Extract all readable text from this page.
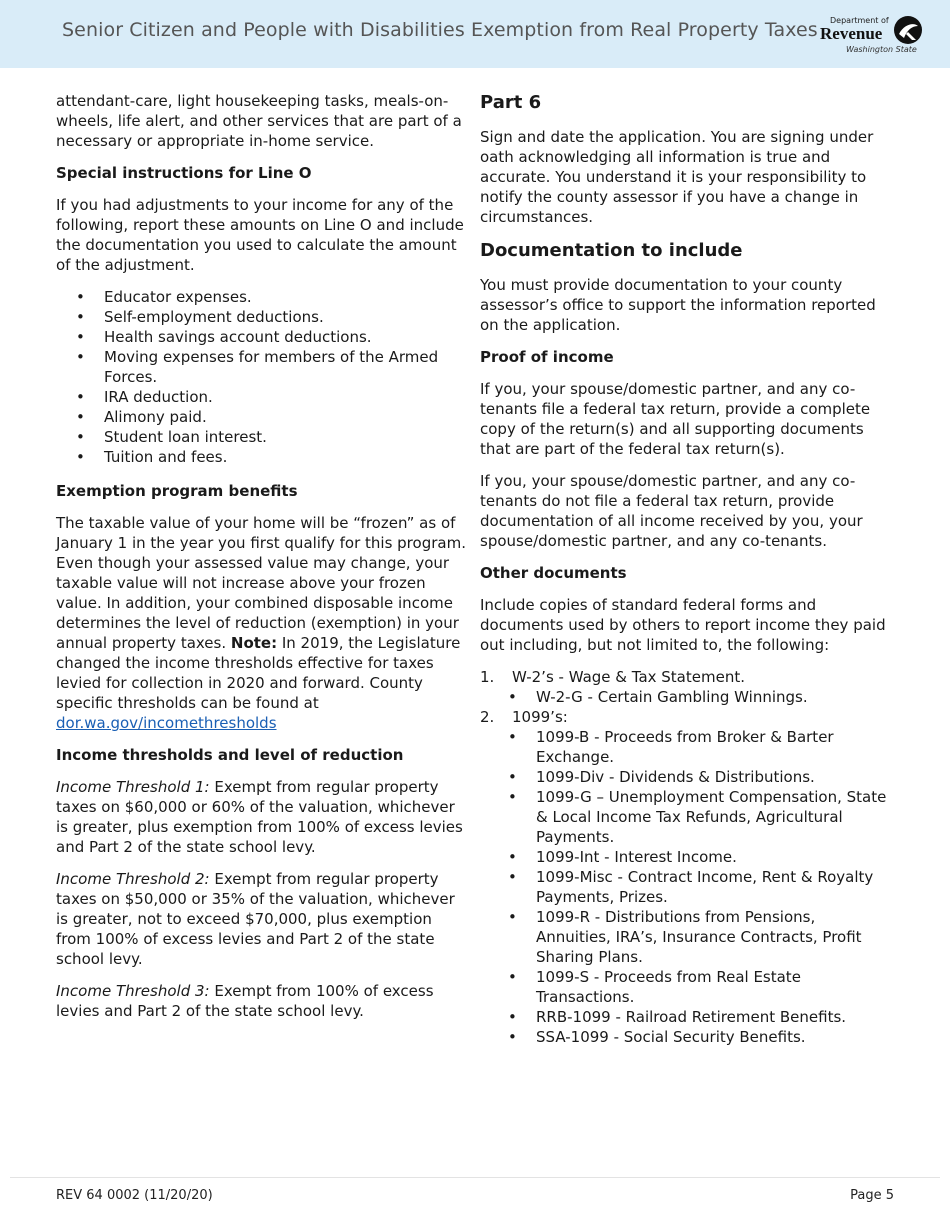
Senior Citizen and People with Disabilities Exemption from Real Property Taxes Department of
Revenue
Washington State

attendant-care, light housekeeping tasks, meals-on-wheels, life alert, and other services that are part of a necessary or appropriate in-home service.

Special instructions for Line O

If you had adjustments to your income for any of the following, report these amounts on Line O and include the documentation you used to calculate the amount of the adjustment.

• Educator expenses.
• Self-employment deductions.
• Health savings account deductions.
• Moving expenses for members of the Armed Forces.
• IRA deduction.
• Alimony paid.
• Student loan interest.
• Tuition and fees.
Exemption program benefits

The taxable value of your home will be “frozen” as of January 1 in the year you first qualify for this program. Even though your assessed value may change, your taxable value will not increase above your frozen value. In addition, your combined disposable income determines the level of reduction (exemption) in your annual property taxes. Note: In 2019, the Legislature changed the income thresholds effective for taxes levied for collection in 2020 and forward. County specific thresholds can be found at dor.wa.gov/incomethresholds

Income thresholds and level of reduction

Income Threshold 1: Exempt from regular property taxes on $60,000 or 60% of the valuation, whichever is greater, plus exemption from 100% of excess levies and Part 2 of the state school levy.

Income Threshold 2: Exempt from regular property taxes on $50,000 or 35% of the valuation, whichever is greater, not to exceed $70,000, plus exemption from 100% of excess levies and Part 2 of the state school levy.

Income Threshold 3: Exempt from 100% of excess levies and Part 2 of the state school levy.

Part 6

Sign and date the application. You are signing under oath acknowledging all information is true and accurate. You understand it is your responsibility to notify the county assessor if you have a change in circumstances.

Documentation to include

You must provide documentation to your county assessor’s office to support the information reported on the application.

Proof of income

If you, your spouse/domestic partner, and any co-tenants file a federal tax return, provide a complete copy of the return(s) and all supporting documents that are part of the federal tax return(s).

If you, your spouse/domestic partner, and any co-tenants do not file a federal tax return, provide documentation of all income received by you, your spouse/domestic partner, and any co-tenants.

Other documents

Include copies of standard federal forms and documents used by others to report income they paid out including, but not limited to, the following:

1. W-2’s - Wage & Tax Statement.
• W-2-G - Certain Gambling Winnings.
2. 1099’s:
• 1099-B - Proceeds from Broker & Barter Exchange.
• 1099-Div - Dividends & Distributions.
• 1099-G – Unemployment Compensation, State & Local Income Tax Refunds, Agricultural Payments.
• 1099-Int - Interest Income.
• 1099-Misc - Contract Income, Rent & Royalty Payments, Prizes.
• 1099-R - Distributions from Pensions, Annuities, IRA’s, Insurance Contracts, Profit Sharing Plans.
• 1099-S - Proceeds from Real Estate Transactions.
• RRB-1099 - Railroad Retirement Benefits.
• SSA-1099 - Social Security Benefits.
REV 64 0002 (11/20/20)	Page 5
